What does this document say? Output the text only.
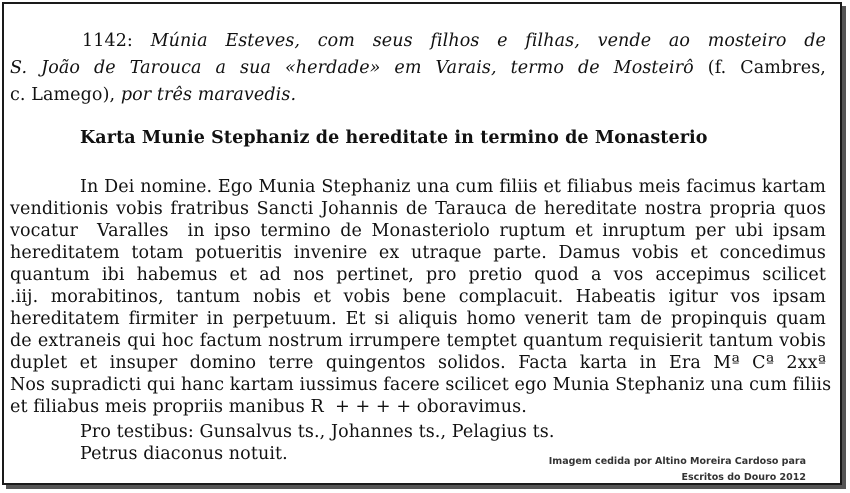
1142: Múnia Esteves, com seus filhos e filhas, vende ao mosteiro de
S. João de Tarouca a sua «herdade» em Varais, termo de Mosteirô (f. Cambres,
c. Lamego), por três maravedis.
Karta Munie Stephaniz de hereditate in termino de Monasterio
In Dei nomine. Ego Munia Stephaniz una cum filiis et filiabus meis facimus kartam
venditionis vobis fratribus Sancti Johannis de Tarauca de hereditate nostra propria quos
vocatur  Varalles  in ipso termino de Monasteriolo ruptum et inruptum per ubi ipsam
hereditatem totam potueritis invenire ex utraque parte. Damus vobis et concedimus
quantum ibi habemus et ad nos pertinet, pro pretio quod a vos accepimus scilicet
.iij. morabitinos, tantum nobis et vobis bene complacuit. Habeatis igitur vos ipsam
hereditatem firmiter in perpetuum. Et si aliquis homo venerit tam de propinquis quam
de extraneis qui hoc factum nostrum irrumpere temptet quantum requisierit tantum vobis
duplet et insuper domino terre quingentos solidos. Facta karta in Era Mª Cª 2xxª
Nos supradicti qui hanc kartam iussimus facere scilicet ego Munia Stephaniz una cum filiis
et filiabus meis propriis manibus R  + + + + oboravimus.
Pro testibus: Gunsalvus ts., Johannes ts., Pelagius ts.
Petrus diaconus notuit.	Imagem cedida por Altino Moreira Cardoso para
Escritos do Douro 2012
